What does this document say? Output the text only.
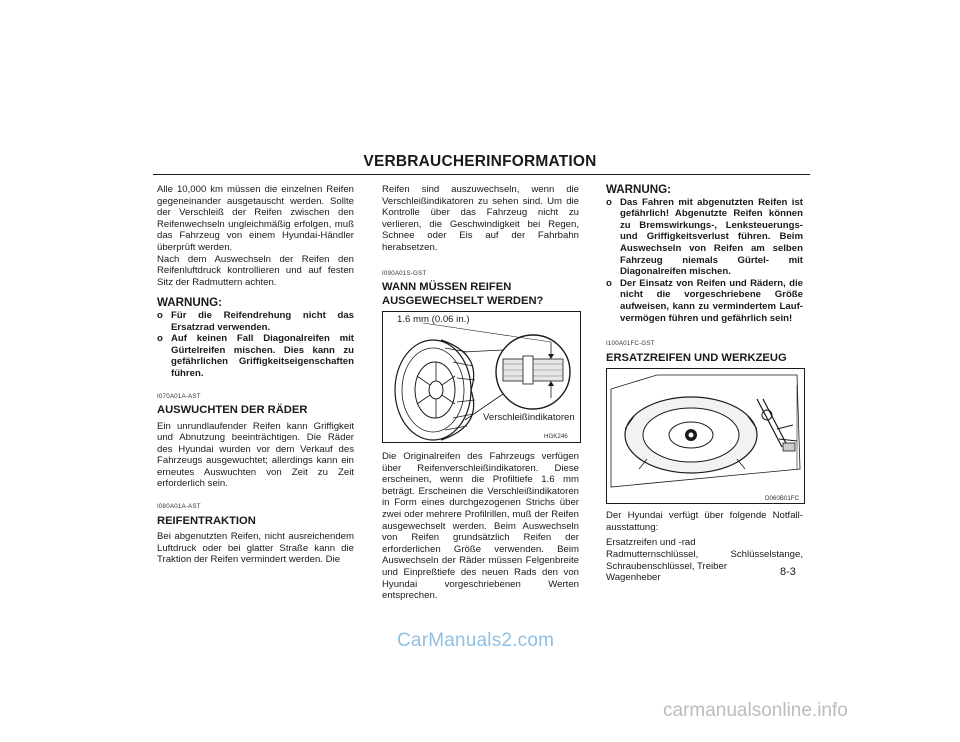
VERBRAUCHERINFORMATION

Alle 10,000 km müssen die einzelnen Reifen gegeneinander ausgetauscht werden. Sollte der Verschleiß der Reifen zwischen den Reifenwechseln ungleichmäßig erfolgen, muß das Fahrzeug von einem Hyundai-Händler überprüft werden.

Nach dem Auswechseln der Reifen den Reifenluftdruck kontrollieren und auf festen Sitz der Radmuttern achten.

WARNUNG:
o Für die Reifendrehung nicht das Ersatzrad verwenden.
o Auf keinen Fall Diagonalreifen mit Gürtelreifen mischen. Dies kann zu gefährlichen Griffigkeitseigenschaften führen.
I070A01A-AST
AUSWUCHTEN DER RÄDER

Ein unrundlaufender Reifen kann Griffigkeit und Abnutzung beeinträchtigen. Die Räder des Hyundai wurden vor dem Verkauf des Fahrzeugs ausgewuchtet; allerdings kann ein erneutes Auswuchten von Zeit zu Zeit erforderlich sein.

I080A01A-AST
REIFENTRAKTION

Bei abgenutzten Reifen, nicht ausreichendem Luftdruck oder bei glatter Straße kann die Traktion der Reifen vermindert werden. Die

Reifen sind auszuwechseln, wenn die Verschleißindikatoren zu sehen sind. Um die Kontrolle über das Fahrzeug nicht zu verlieren, die Geschwindigkeit bei Regen, Schnee oder Eis auf der Fahrbahn herabsetzen.

I090A01S-GST
WANN MÜSSEN REIFEN AUSGEWECHSELT WERDEN?
1.6 mm (0.06 in.)
Verschleißindikatoren
HGK246

Die Originalreifen des Fahrzeugs verfügen über Reifenverschleißindikatoren. Diese erscheinen, wenn die Profiltiefe 1.6 mm beträgt. Erscheinen die Verschleißindikatoren in Form eines durchgezogenen Strichs über zwei oder mehrere Profilrillen, muß der Reifen ausgewechselt werden. Beim Auswechseln von Reifen grundsätzlich Reifen der erforderlichen Größe verwenden. Beim Auswechseln der Räder müssen Felgenbreite und Einpreßtiefe des neuen Rads den von Hyundai vorgeschriebenen Werten entsprechen.

WARNUNG:
o Das Fahren mit abgenutzten Reifen ist gefährlich! Abgenutzte Reifen können zu Bremswirkungs-, Lenksteuerungs- und Griffigkeitsverlust führen. Beim Auswechseln von Reifen am selben Fahrzeug niemals Gürtel- mit Diagonalreifen mischen.
o Der Einsatz von Reifen und Rädern, die nicht die vorgeschriebene Größe aufweisen, kann zu vermindertem Lauf-vermögen führen und gefährlich sein!
I100A01FC-GST
ERSATZREIFEN UND WERKZEUG
D060B01FC

Der Hyundai verfügt über folgende Notfall-ausstattung:

Ersatzreifen und -rad

Radmutternschlüssel, Schlüsselstange, Schraubenschlüssel, Treiber

Wagenheber	8-3
CarManuals2.com
carmanualsonline.info
